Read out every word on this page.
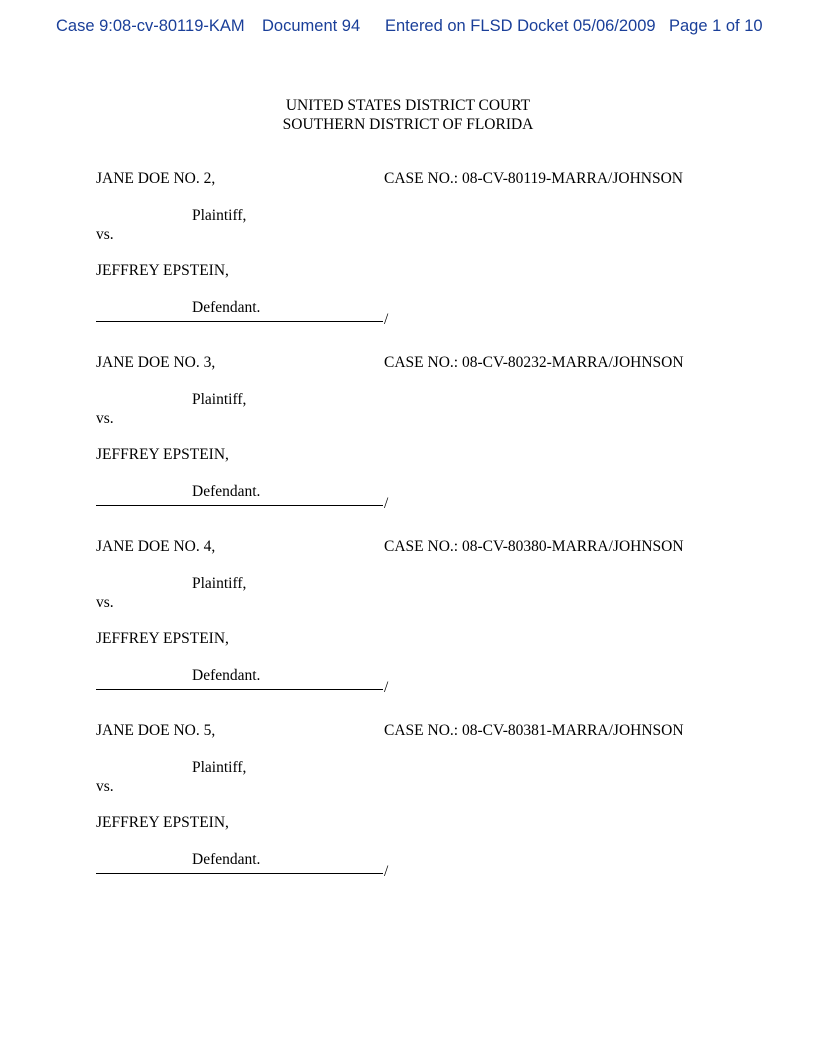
Case 9:08-cv-80119-KAM Document 94 Entered on FLSD Docket 05/06/2009 Page 1 of 10
UNITED STATES DISTRICT COURT
SOUTHERN DISTRICT OF FLORIDA
JANE DOE NO. 2,	CASE NO.: 08-CV-80119-MARRA/JOHNSON
Plaintiff,
vs.
JEFFREY EPSTEIN,
Defendant.
/
JANE DOE NO. 3,	CASE NO.: 08-CV-80232-MARRA/JOHNSON
Plaintiff,
vs.
JEFFREY EPSTEIN,
Defendant.
/
JANE DOE NO. 4,	CASE NO.: 08-CV-80380-MARRA/JOHNSON
Plaintiff,
vs.
JEFFREY EPSTEIN,
Defendant.
/
JANE DOE NO. 5,	CASE NO.: 08-CV-80381-MARRA/JOHNSON
Plaintiff,
vs.
JEFFREY EPSTEIN,
Defendant.
/
